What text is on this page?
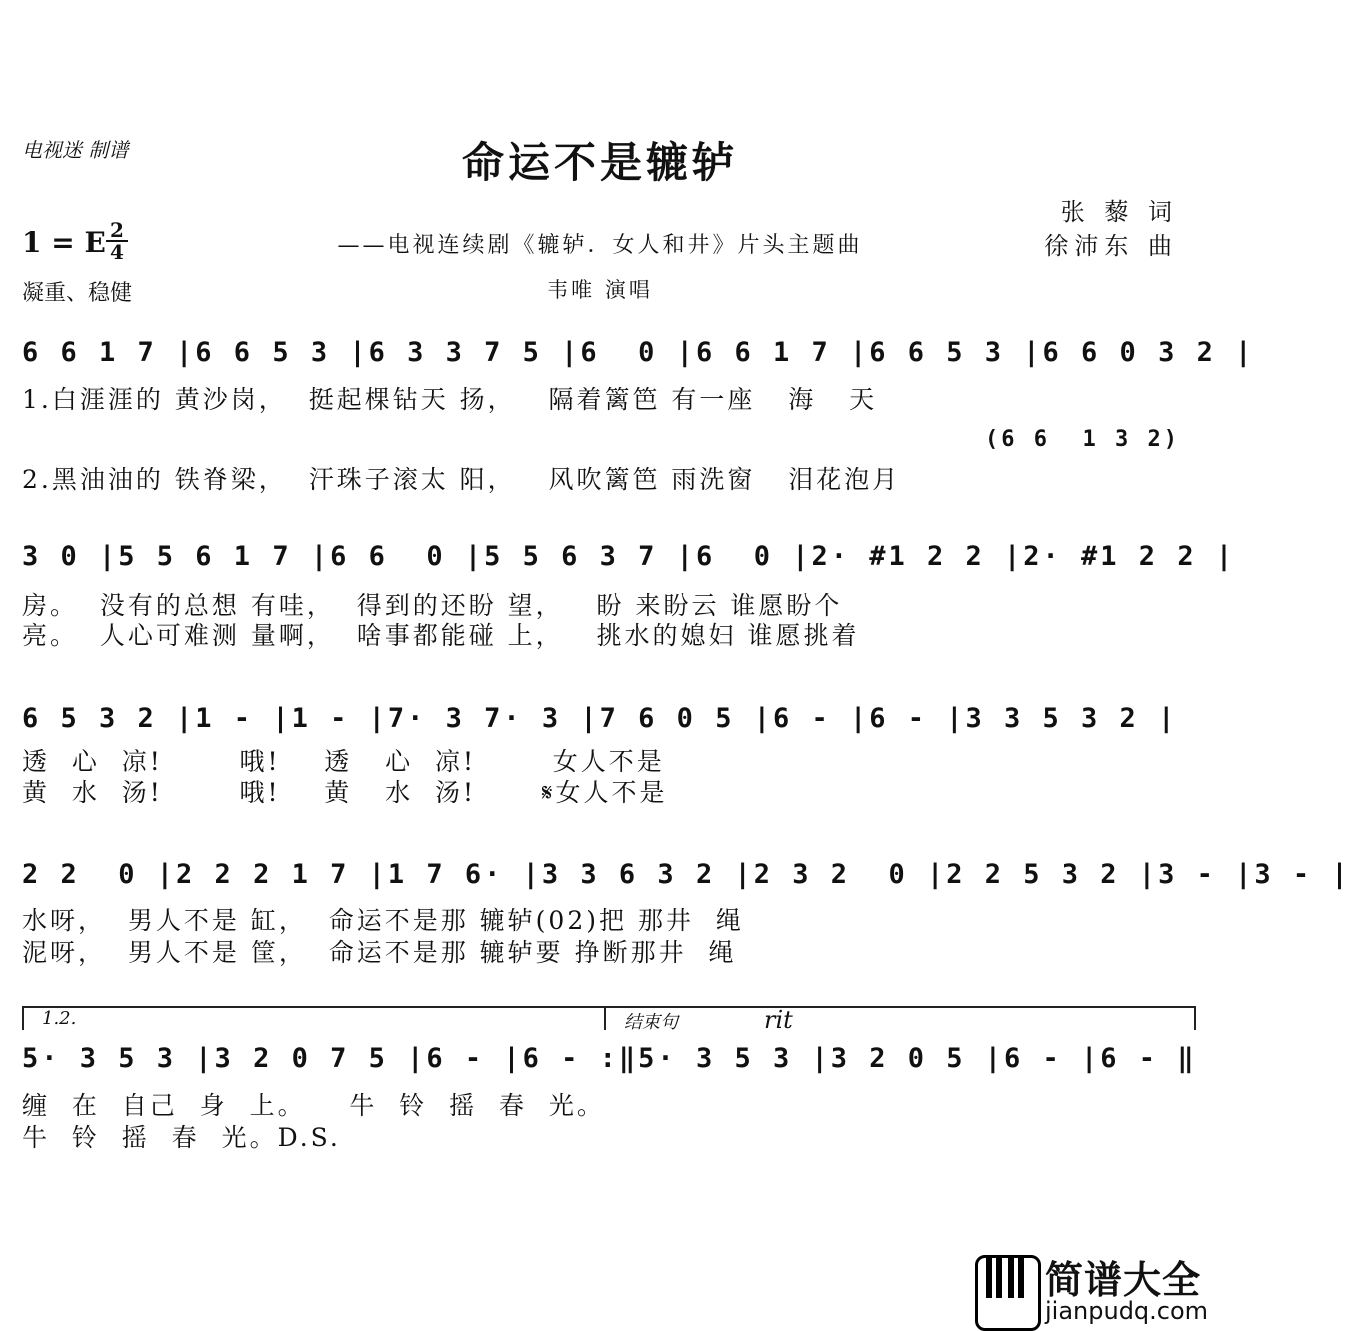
电视迷 制谱	命运不是辘轳
张 藜 词
徐沛东 曲
1 = E 2
4
凝重、稳健
——电视连续剧《辘轳．女人和井》片头主题曲
韦唯 演唱
6 6 1 7 |6 6 5 3 |6 3 3 7 5 |6  0 |6 6 1 7 |6 6 5 3 |6 6 0 3 2 |
1.白涯涯的 黄沙岗，  挺起棵钻天 扬，   隔着篱笆 有一座   海   天
(6 6  1 3 2)
2.黑油油的 铁脊梁，  汗珠子滚太 阳，   风吹篱笆 雨洗窗   泪花泡月
3 0 |5 5 6 1 7 |6 6  0 |5 5 6 3 7 |6  0 |2· #1 2 2 |2· #1 2 2 |
房。  没有的总想 有哇，  得到的还盼 望，   盼 来盼云 谁愿盼个
亮。  人心可难测 量啊，  啥事都能碰 上，   挑水的媳妇 谁愿挑着
6 5 3 2 |1 - |1 - |7· 3 7· 3 |7 6 0 5 |6 - |6 - |3 3 5 3 2 |
透  心  凉!       哦!    透   心  凉!       女人不是
黄  水  汤!       哦!    黄   水  汤!      𝄋女人不是
2 2  0 |2 2 2 1 7 |1 7 6· |3 3 6 3 2 |2 3 2  0 |2 2 5 3 2 |3 - |3 - |
水呀，  男人不是 缸，  命运不是那 辘轳(02)把 那井  绳
泥呀，  男人不是 筐，  命运不是那 辘轳要 挣断那井  绳
1.2.	结束句	rit
5· 3 5 3 |3 2 0 7 5 |6 - |6 - :‖5· 3 5 3 |3 2 0 5 |6 - |6 - ‖
缠  在  自己  身  上。    牛  铃  摇  春  光。
牛  铃  摇  春  光。D.S.
简谱大全
jianpudq.com
